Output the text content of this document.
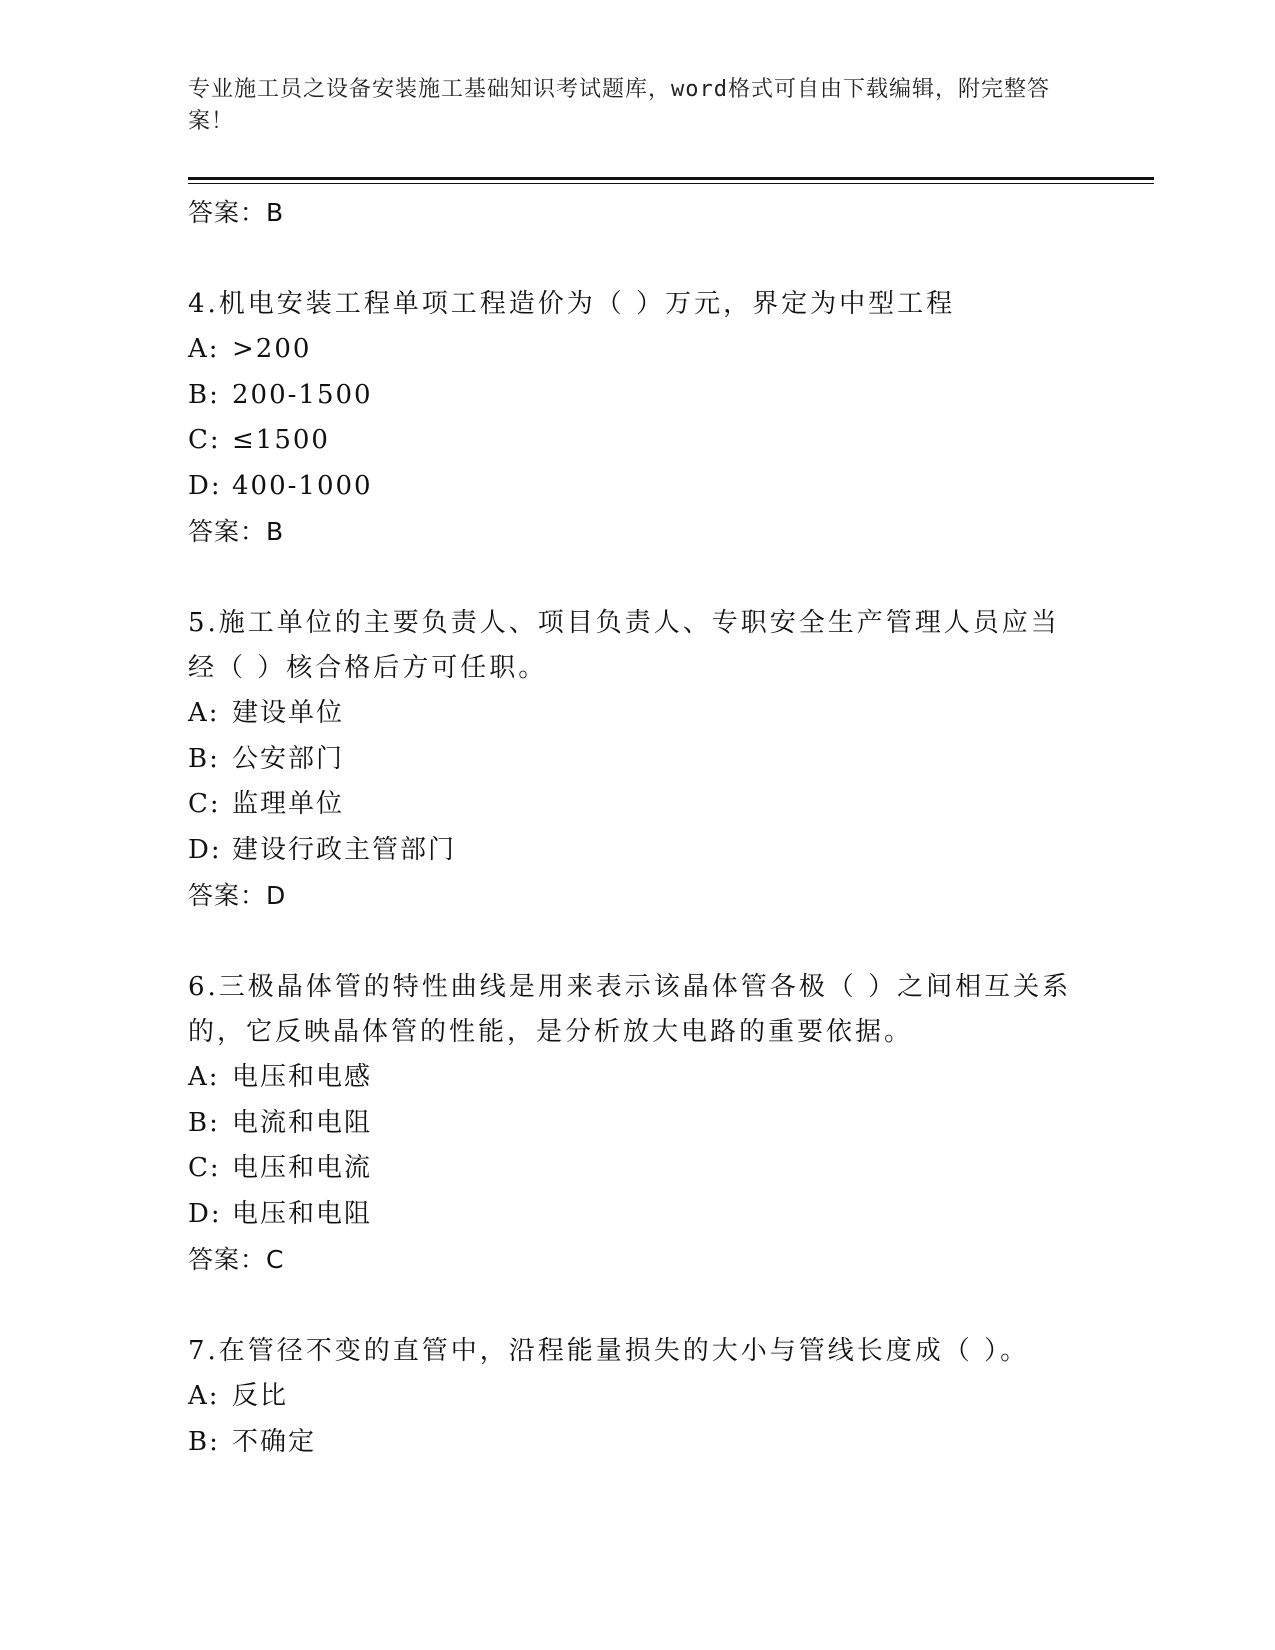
专业施工员之设备安装施工基础知识考试题库，word格式可自由下载编辑，附完整答案！

答案：B

4.机电安装工程单项工程造价为（ ）万元，界定为中型工程

A: >200

B: 200-1500

C: ≤1500

D: 400-1000

答案：B

5.施工单位的主要负责人、项目负责人、专职安全生产管理人员应当经（ ）核合格后方可任职。

A: 建设单位

B: 公安部门

C: 监理单位

D: 建设行政主管部门

答案：D

6.三极晶体管的特性曲线是用来表示该晶体管各极（ ）之间相互关系的，它反映晶体管的性能，是分析放大电路的重要依据。

A: 电压和电感

B: 电流和电阻

C: 电压和电流

D: 电压和电阻

答案：C

7.在管径不变的直管中，沿程能量损失的大小与管线长度成（ ）。

A: 反比

B: 不确定
